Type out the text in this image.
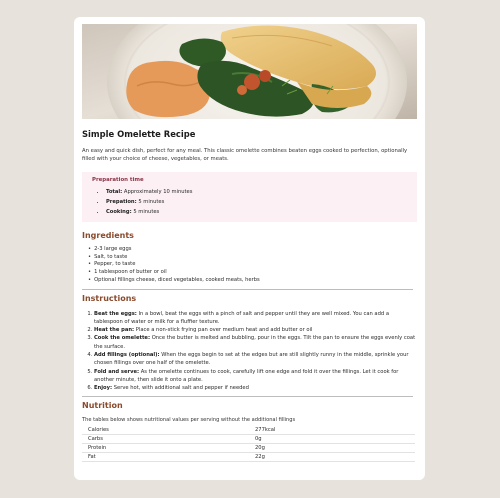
Simple Omelette Recipe

An easy and quick dish, perfect for any meal. This classic omelette combines beaten eggs cooked to perfection, optionally filled with your choice of cheese, vegetables, or meats.

Preparation time
• Total: Approximately 10 minutes
• Prepation: 5 minutes
• Cooking: 5 minutes
Ingredients
• 2-3 large eggs
• Salt, to taste
• Pepper, to taste
• 1 tablespoon of butter or oil
• Optional fillings cheese, diced vegetables, cooked meats, herbs
Instructions
1. Beat the eggs: In a bowl, beat the eggs with a pinch of salt and pepper until they are well mixed. You can add a tablespoon of water or milk for a fluffier texture.
2. Heat the pan: Place a non-stick frying pan over medium heat and add butter or oil
3. Cook the omelette: Once the butter is melted and bubbling, pour in the eggs. Tilt the pan to ensure the eggs evenly coat the surface.
4. Add fillings (optional): When the eggs begin to set at the edges but are still slightly runny in the middle, sprinkle your chosen fillings over one half of the omelette.
5. Fold and serve: As the omelette continues to cook, carefully lift one edge and fold it over the fillings. Let it cook for another minute, then slide it onto a plate.
6. Enjoy: Serve hot, with additional salt and pepper if needed
Nutrition

The tables below shows nutritional values per serving without the additional fillings

Calories	277kcal
Carbs	0g
Protein	20g
Fat	22g
